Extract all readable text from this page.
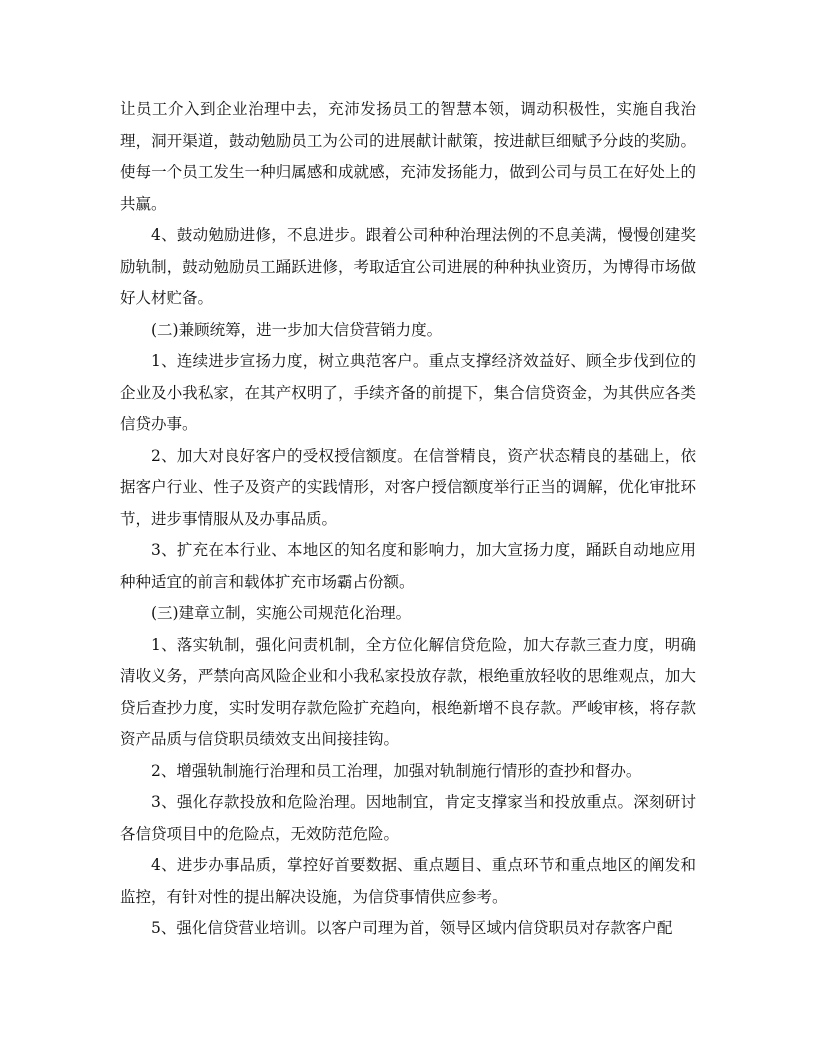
让员工介入到企业治理中去，充沛发扬员工的智慧本领，调动积极性，实施自我治理，洞开渠道，鼓动勉励员工为公司的进展献计献策，按进献巨细赋予分歧的奖励。使每一个员工发生一种归属感和成就感，充沛发扬能力，做到公司与员工在好处上的共赢。

4、鼓动勉励进修，不息进步。跟着公司种种治理法例的不息美满，慢慢创建奖励轨制，鼓动勉励员工踊跃进修，考取适宜公司进展的种种执业资历，为博得市场做好人材贮备。

(二)兼顾统筹，进一步加大信贷营销力度。

1、连续进步宣扬力度，树立典范客户。重点支撑经济效益好、顾全步伐到位的企业及小我私家，在其产权明了，手续齐备的前提下，集合信贷资金，为其供应各类信贷办事。

2、加大对良好客户的受权授信额度。在信誉精良，资产状态精良的基础上，依据客户行业、性子及资产的实践情形，对客户授信额度举行正当的调解，优化审批环节，进步事情服从及办事品质。

3、扩充在本行业、本地区的知名度和影响力，加大宣扬力度，踊跃自动地应用种种适宜的前言和载体扩充市场霸占份额。

(三)建章立制，实施公司规范化治理。

1、落实轨制，强化问责机制，全方位化解信贷危险，加大存款三查力度，明确清收义务，严禁向高风险企业和小我私家投放存款，根绝重放轻收的思维观点，加大贷后查抄力度，实时发明存款危险扩充趋向，根绝新增不良存款。严峻审核，将存款资产品质与信贷职员绩效支出间接挂钩。

2、增强轨制施行治理和员工治理，加强对轨制施行情形的查抄和督办。

3、强化存款投放和危险治理。因地制宜，肯定支撑家当和投放重点。深刻研讨各信贷项目中的危险点，无效防范危险。

4、进步办事品质，掌控好首要数据、重点题目、重点环节和重点地区的阐发和监控，有针对性的提出解决设施，为信贷事情供应参考。

5、强化信贷营业培训。以客户司理为首，领导区域内信贷职员对存款客户配
